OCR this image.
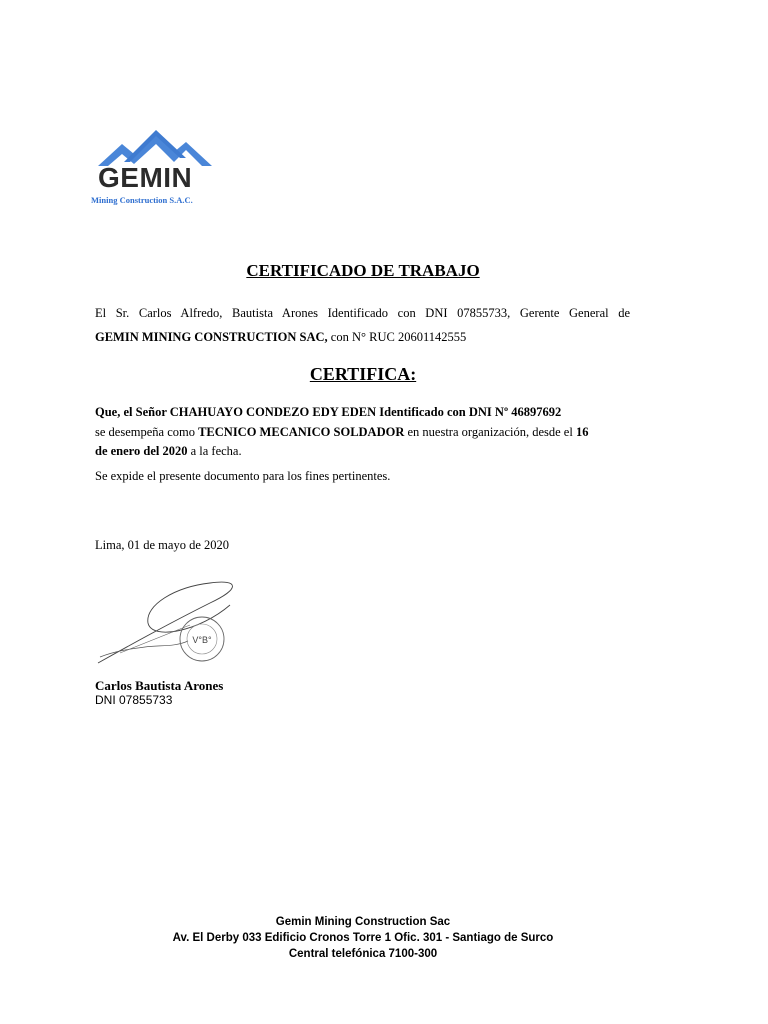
GEMIN
Mining Construction S.A.C.
CERTIFICADO DE TRABAJO
El Sr. Carlos Alfredo, Bautista Arones Identificado con DNI 07855733, Gerente General de
GEMIN MINING CONSTRUCTION SAC, con N° RUC 20601142555
CERTIFICA:
Que, el Señor CHAHUAYO CONDEZO EDY EDEN Identificado con DNI Nº 46897692
se desempeña como TECNICO MECANICO SOLDADOR en nuestra organización, desde el 16
de enero del 2020 a la fecha.
Se expide el presente documento para los fines pertinentes.
Lima, 01 de mayo de 2020
V°B°
Carlos Bautista Arones
DNI 07855733
Gemin Mining Construction Sac
Av. El Derby 033 Edificio Cronos Torre 1 Ofic. 301 - Santiago de Surco
Central telefónica 7100-300
